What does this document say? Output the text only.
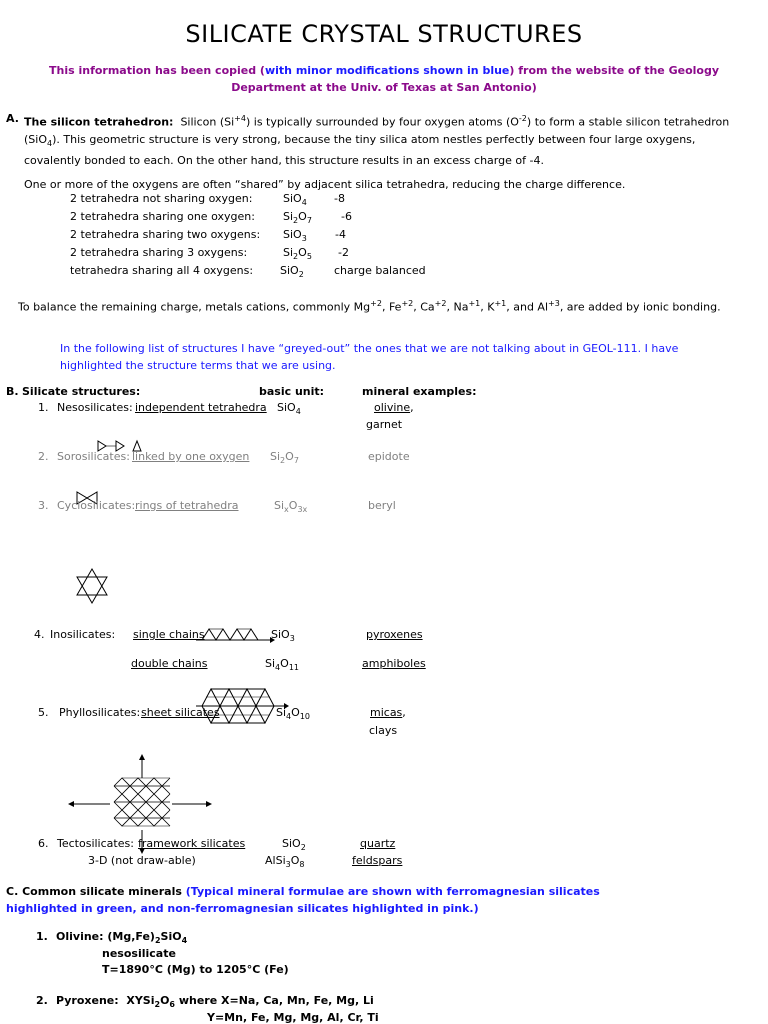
SILICATE CRYSTAL STRUCTURES
This information has been copied (with minor modifications shown in blue) from the website of the Geology Department at the Univ. of Texas at San Antonio)
A. The silicon tetrahedron: Silicon $(Si^{+4})$ is typically surrounded by four oxygen atoms $(O^{-2})$ to form a stable silicon tetrahedron (SiO$_4$). This geometric structure is very strong, because the tiny silica atom nestles perfectly between four large oxygens, covalently bonded to each. On the other hand, this structure results in an excess charge of -4.
One or more of the oxygens are often “shared” by adjacent silica tetrahedra, reducing the charge difference.
2 tetrahedra not sharing oxygen:	SiO$_4$ -8
2 tetrahedra sharing one oxygen:	$Si_2O_7$	-6
2 tetrahedra sharing two oxygens: SiO$_3$	-4
2 tetrahedra sharing 3 oxygens:	$Si_2O_5$ -2
tetrahedra sharing all 4 oxygens: SiO$_2$	charge balanced
To balance the remaining charge, metals cations, commonly $Mg^{+2}$, $Fe^{+2}$, $Ca^{+2}$, $Na^{+1}$, $K^{+1}$, and $Al^{+3}$, are added by ionic bonding.
In the following list of structures I have “greyed-out” the ones that we are not talking about in GEOL-111. I have highlighted the structure terms that we are using.
B. Silicate structures:	basic unit:	mineral examples:
1. Nesosilicates: independent tetrahedra SiO$_4$	olivine,
garnet
2. Sorosilicates: linked by one oxygen $Si_2O_7$	epidote
3. Cyclosilicates: rings of tetrahedra	$Si_xO_{3x}$	beryl
4. Inosilicates: single chains	SiO$_3$	pyroxenes
double chains	$Si_4O_{11}$	amphiboles
5. Phyllosilicates: sheet silicates	$Si_4O_{10}$	micas,
clays
6. Tectosilicates: framework silicates	SiO$_2$	quartz
3-D (not draw-able)	$AlSi_3O_8$	feldspars
C. Common silicate minerals (Typical mineral formulae are shown with ferromagnesian silicates highlighted in green, and non-ferromagnesian silicates highlighted in pink.)
1. Olivine: $(Mg,Fe)_2SiO_4$
nesosilicate
T=1890°C (Mg) to 1205°C (Fe)
2. Pyroxene: $XYSi_2O_6$ where X=Na, Ca, Mn, Fe, Mg, Li
Y=Mn, Fe, Mg, Mg, Al, Cr, Ti
